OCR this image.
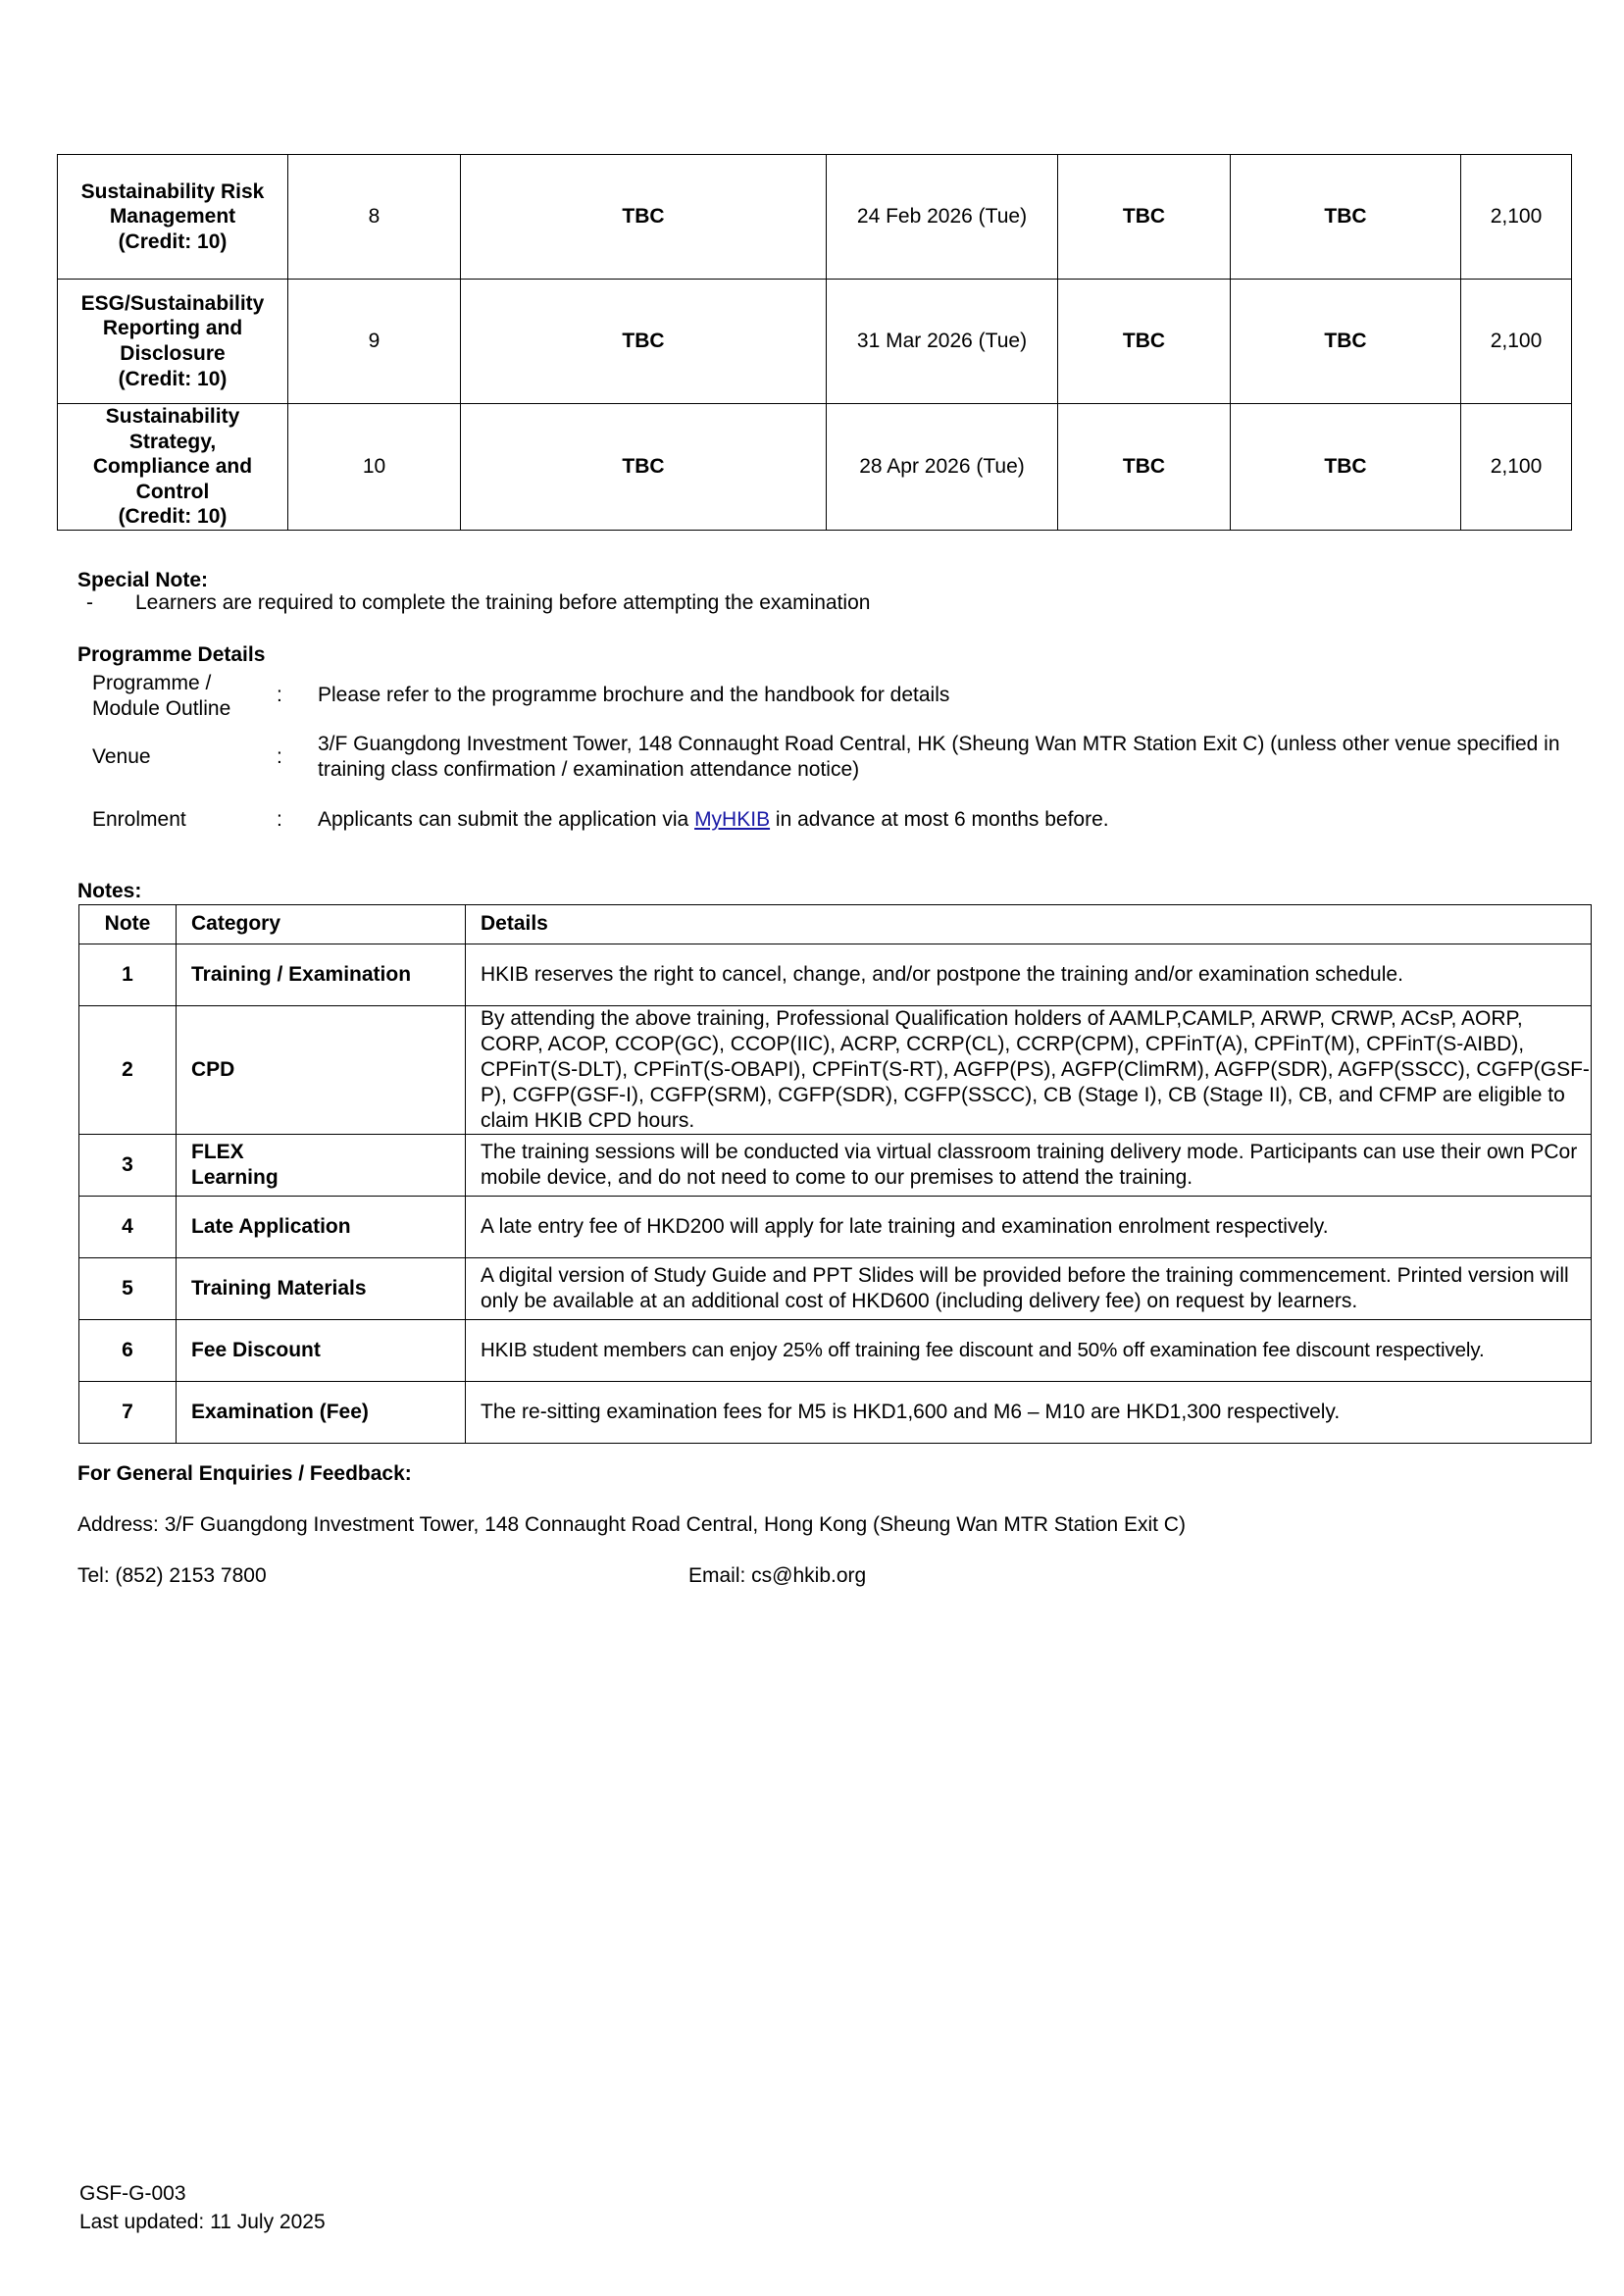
Sustainability Risk
Management
(Credit: 10)	8	TBC	24 Feb 2026 (Tue)	TBC	TBC	2,100
ESG/Sustainability
Reporting and
Disclosure
(Credit: 10)	9	TBC	31 Mar 2026 (Tue)	TBC	TBC	2,100
Sustainability
Strategy,
Compliance and
Control
(Credit: 10)	10	TBC	28 Apr 2026 (Tue)	TBC	TBC	2,100
Special Note:
- Learners are required to complete the training before attempting the examination
Programme Details
Programme /
Module Outline
: Please refer to the programme brochure and the handbook for details
Venue	:
3/F Guangdong Investment Tower, 148 Connaught Road Central, HK (Sheung Wan MTR Station Exit C) (unless other venue specified in training class confirmation / examination attendance notice)
Enrolment	: Applicants can submit the application via MyHKIB in advance at most 6 months before.
Notes:
Note	Category	Details
1	Training / Examination	HKIB reserves the right to cancel, change, and/or postpone the training and/or examination schedule.
2	CPD	By attending the above training, Professional Qualification holders of AAMLP,CAMLP, ARWP, CRWP, ACsP, AORP, CORP, ACOP, CCOP(GC), CCOP(IIC), ACRP, CCRP(CL), CCRP(CPM), CPFinT(A), CPFinT(M), CPFinT(S-AIBD), CPFinT(S-DLT), CPFinT(S-OBAPI), CPFinT(S-RT), AGFP(PS), AGFP(ClimRM), AGFP(SDR), AGFP(SSCC), CGFP(GSF-P), CGFP(GSF-I), CGFP(SRM), CGFP(SDR), CGFP(SSCC), CB (Stage I), CB (Stage II), CB, and CFMP are eligible to claim HKIB CPD hours.
3	FLEX Learning	The training sessions will be conducted via virtual classroom training delivery mode. Participants can use their own PCor mobile device, and do not need to come to our premises to attend the training.
4	Late Application	A late entry fee of HKD200 will apply for late training and examination enrolment respectively.
5	Training Materials	A digital version of Study Guide and PPT Slides will be provided before the training commencement. Printed version will only be available at an additional cost of HKD600 (including delivery fee) on request by learners.
6	Fee Discount	HKIB student members can enjoy 25% off training fee discount and 50% off examination fee discount respectively.
7	Examination (Fee)	The re-sitting examination fees for M5 is HKD1,600 and M6 – M10 are HKD1,300 respectively.
For General Enquiries / Feedback:
Address: 3/F Guangdong Investment Tower, 148 Connaught Road Central, Hong Kong (Sheung Wan MTR Station Exit C)
Tel: (852) 2153 7800	Email: cs@hkib.org
GSF-G-003
Last updated: 11 July 2025
